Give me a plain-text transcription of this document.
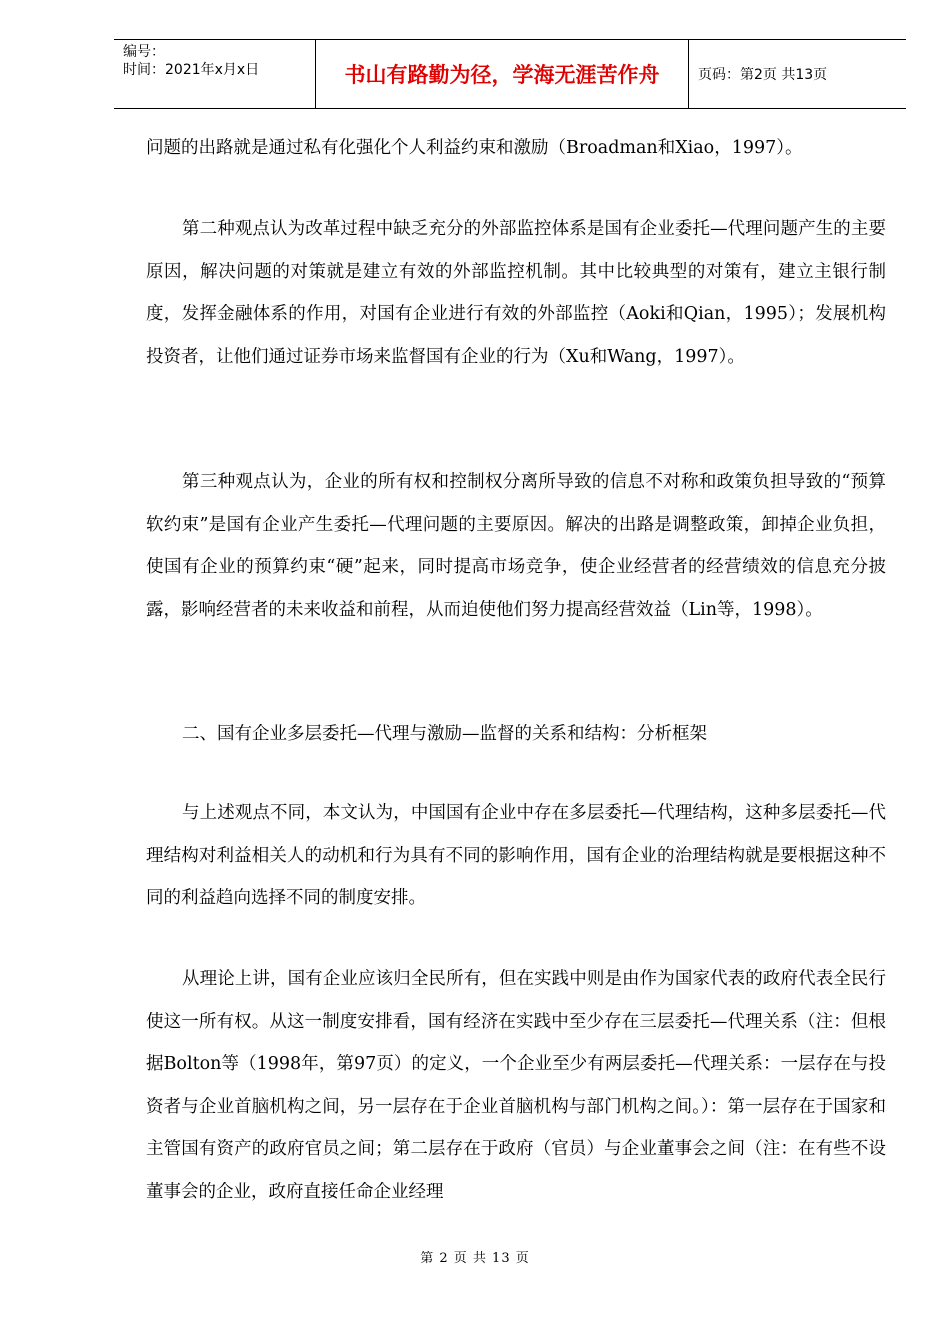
编号：
时间：2021年x月x日	书山有路勤为径，学海无涯苦作舟	页码：第2页 共13页
问题的出路就是通过私有化强化个人利益约束和激励（Broadman和Xiao，1997）。
第二种观点认为改革过程中缺乏充分的外部监控体系是国有企业委托—代理问题产生的主要原因，解决问题的对策就是建立有效的外部监控机制。其中比较典型的对策有，建立主银行制度，发挥金融体系的作用，对国有企业进行有效的外部监控（Aoki和Qian，1995）；发展机构投资者，让他们通过证券市场来监督国有企业的行为（Xu和Wang，1997）。
第三种观点认为，企业的所有权和控制权分离所导致的信息不对称和政策负担导致的“预算软约束”是国有企业产生委托—代理问题的主要原因。解决的出路是调整政策，卸掉企业负担，使国有企业的预算约束“硬”起来，同时提高市场竞争，使企业经营者的经营绩效的信息充分披露，影响经营者的未来收益和前程，从而迫使他们努力提高经营效益（Lin等，1998）。
二、国有企业多层委托—代理与激励—监督的关系和结构：分析框架
与上述观点不同，本文认为，中国国有企业中存在多层委托—代理结构，这种多层委托—代理结构对利益相关人的动机和行为具有不同的影响作用，国有企业的治理结构就是要根据这种不同的利益趋向选择不同的制度安排。
从理论上讲，国有企业应该归全民所有，但在实践中则是由作为国家代表的政府代表全民行使这一所有权。从这一制度安排看，国有经济在实践中至少存在三层委托—代理关系（注：但根据Bolton等（1998年，第97页）的定义，一个企业至少有两层委托—代理关系：一层存在与投资者与企业首脑机构之间，另一层存在于企业首脑机构与部门机构之间。）：第一层存在于国家和主管国有资产的政府官员之间；第二层存在于政府（官员）与企业董事会之间（注：在有些不设董事会的企业，政府直接任命企业经理
第 2 页 共 13 页
